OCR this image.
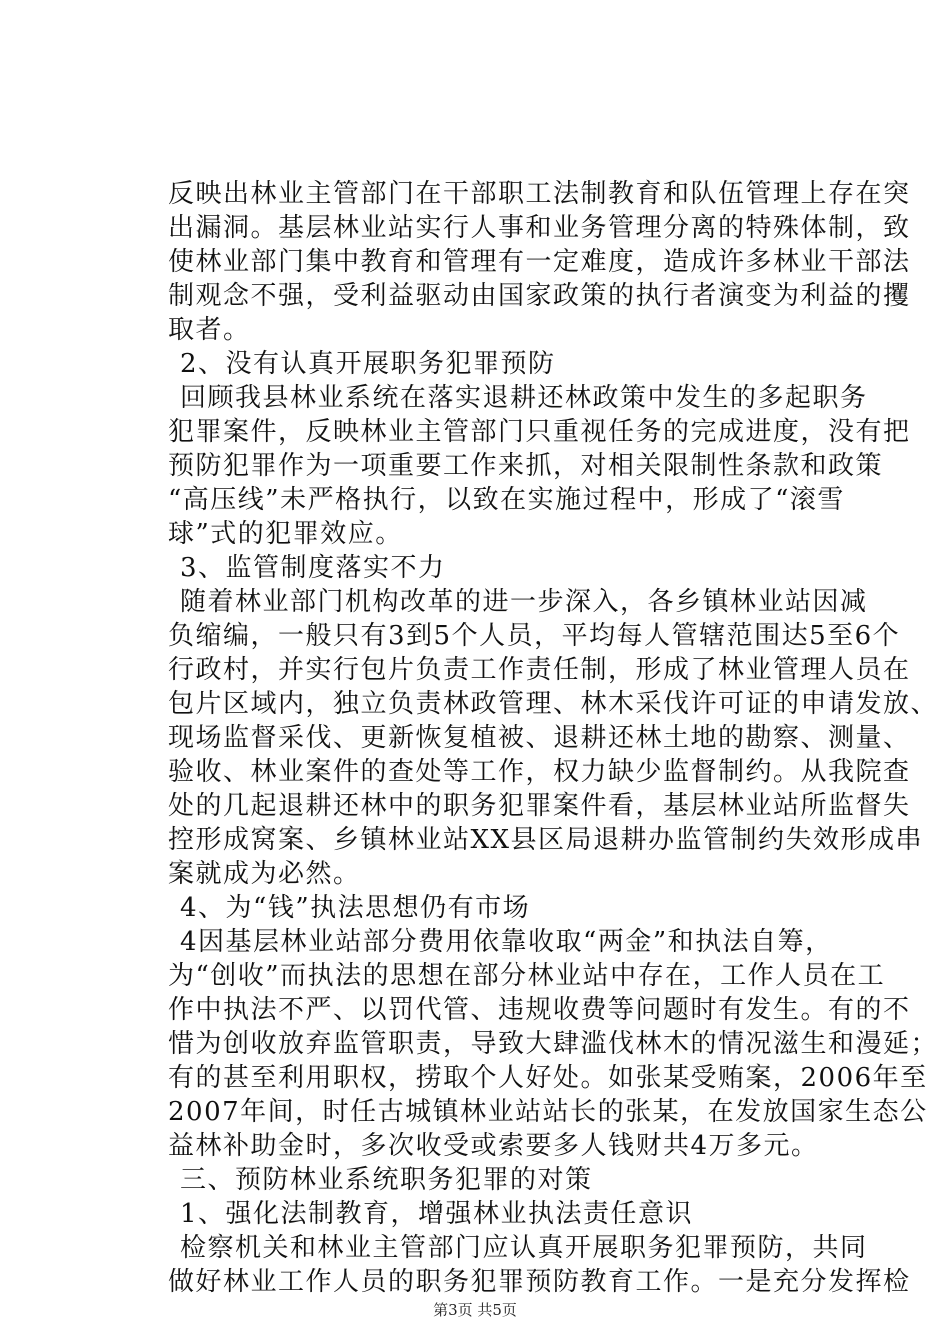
反映出林业主管部门在干部职工法制教育和队伍管理上存在突
出漏洞。基层林业站实行人事和业务管理分离的特殊体制，致
使林业部门集中教育和管理有一定难度，造成许多林业干部法
制观念不强，受利益驱动由国家政策的执行者演变为利益的攫
取者。
2、没有认真开展职务犯罪预防
回顾我县林业系统在落实退耕还林政策中发生的多起职务
犯罪案件，反映林业主管部门只重视任务的完成进度，没有把
预防犯罪作为一项重要工作来抓，对相关限制性条款和政策
“高压线”未严格执行，以致在实施过程中，形成了“滚雪
球”式的犯罪效应。
3、监管制度落实不力
随着林业部门机构改革的进一步深入，各乡镇林业站因减
负缩编，一般只有3到5个人员，平均每人管辖范围达5至6个
行政村，并实行包片负责工作责任制，形成了林业管理人员在
包片区域内，独立负责林政管理、林木采伐许可证的申请发放、
现场监督采伐、更新恢复植被、退耕还林土地的勘察、测量、
验收、林业案件的查处等工作，权力缺少监督制约。从我院查
处的几起退耕还林中的职务犯罪案件看，基层林业站所监督失
控形成窝案、乡镇林业站XX县区局退耕办监管制约失效形成串
案就成为必然。
4、为“钱”执法思想仍有市场
4因基层林业站部分费用依靠收取“两金”和执法自筹，
为“创收”而执法的思想在部分林业站中存在，工作人员在工
作中执法不严、以罚代管、违规收费等问题时有发生。有的不
惜为创收放弃监管职责，导致大肆滥伐林木的情况滋生和漫延；
有的甚至利用职权，捞取个人好处。如张某受贿案，2006年至
2007年间，时任古城镇林业站站长的张某，在发放国家生态公
益林补助金时，多次收受或索要多人钱财共4万多元。
三、预防林业系统职务犯罪的对策
1、强化法制教育，增强林业执法责任意识
检察机关和林业主管部门应认真开展职务犯罪预防，共同
做好林业工作人员的职务犯罪预防教育工作。一是充分发挥检
第3页 共5页
